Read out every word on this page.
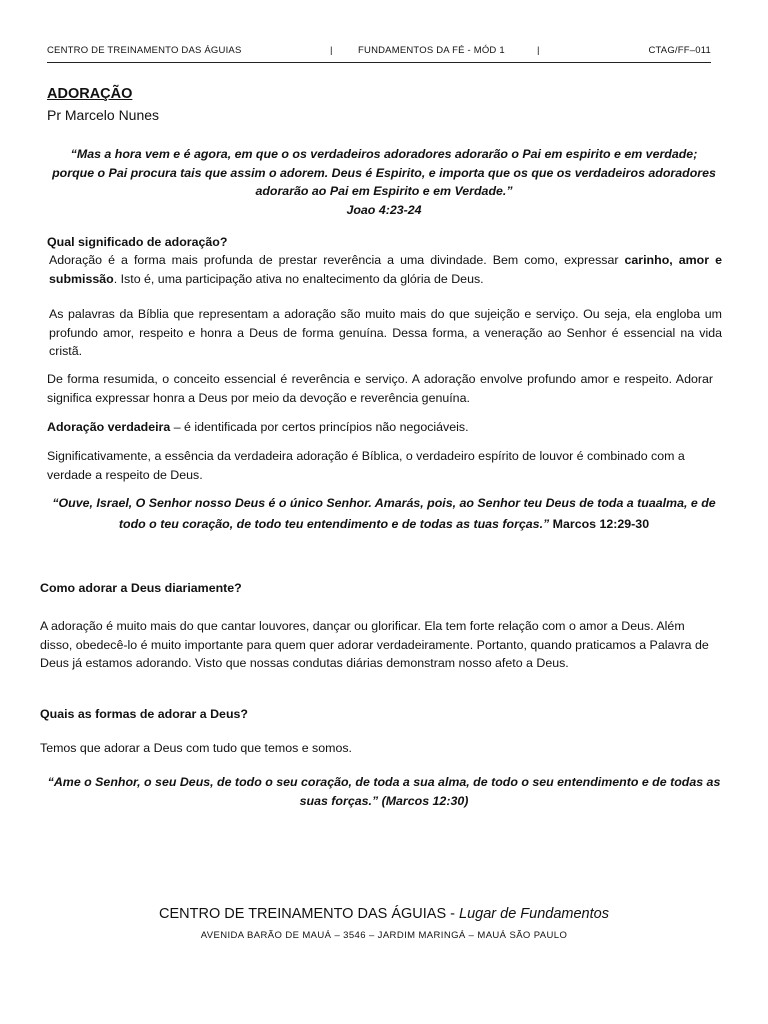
CENTRO DE TREINAMENTO DAS ÁGUIAS	|	FUNDAMENTOS DA FÉ - MÓD 1	|	CTAG/FF–011
ADORAÇÃO
Pr Marcelo Nunes
“Mas a hora vem e é agora, em que o os verdadeiros adoradores adorarão o Pai em espirito e em verdade; porque o Pai procura tais que assim o adorem. Deus é Espirito, e importa que os que os verdadeiros adoradores adorarão ao Pai em Espirito e em Verdade.”
Joao 4:23-24
Qual significado de adoração?
Adoração é a forma mais profunda de prestar reverência a uma divindade. Bem como, expressar carinho, amor e submissão. Isto é, uma participação ativa no enaltecimento da glória de Deus.
As palavras da Bíblia que representam a adoração são muito mais do que sujeição e serviço. Ou seja, ela engloba um profundo amor, respeito e honra a Deus de forma genuína. Dessa forma, a veneração ao Senhor é essencial na vida cristã.
De forma resumida, o conceito essencial é reverência e serviço. A adoração envolve profundo amor e respeito. Adorar significa expressar honra a Deus por meio da devoção e reverência genuína.
Adoração verdadeira – é identificada por certos princípios não negociáveis.
Significativamente, a essência da verdadeira adoração é Bíblica, o verdadeiro espírito de louvor é combinado com a verdade a respeito de Deus.
“Ouve, Israel, O Senhor nosso Deus é o único Senhor. Amarás, pois, ao Senhor teu Deus de toda a tuaalma, e de todo o teu coração, de todo teu entendimento e de todas as tuas forças.” Marcos 12:29-30
Como adorar a Deus diariamente?
A adoração é muito mais do que cantar louvores, dançar ou glorificar. Ela tem forte relação com o amor a Deus. Além disso, obedecê-lo é muito importante para quem quer adorar verdadeiramente. Portanto, quando praticamos a Palavra de Deus já estamos adorando. Visto que nossas condutas diárias demonstram nosso afeto a Deus.
Quais as formas de adorar a Deus?
Temos que adorar a Deus com tudo que temos e somos.
“Ame o Senhor, o seu Deus, de todo o seu coração, de toda a sua alma, de todo o seu entendimento e de todas as suas forças.” (Marcos 12:30)
CENTRO DE TREINAMENTO DAS ÁGUIAS - Lugar de Fundamentos
AVENIDA BARÃO DE MAUÁ – 3546 – JARDIM MARINGÁ – MAUÁ SÃO PAULO
